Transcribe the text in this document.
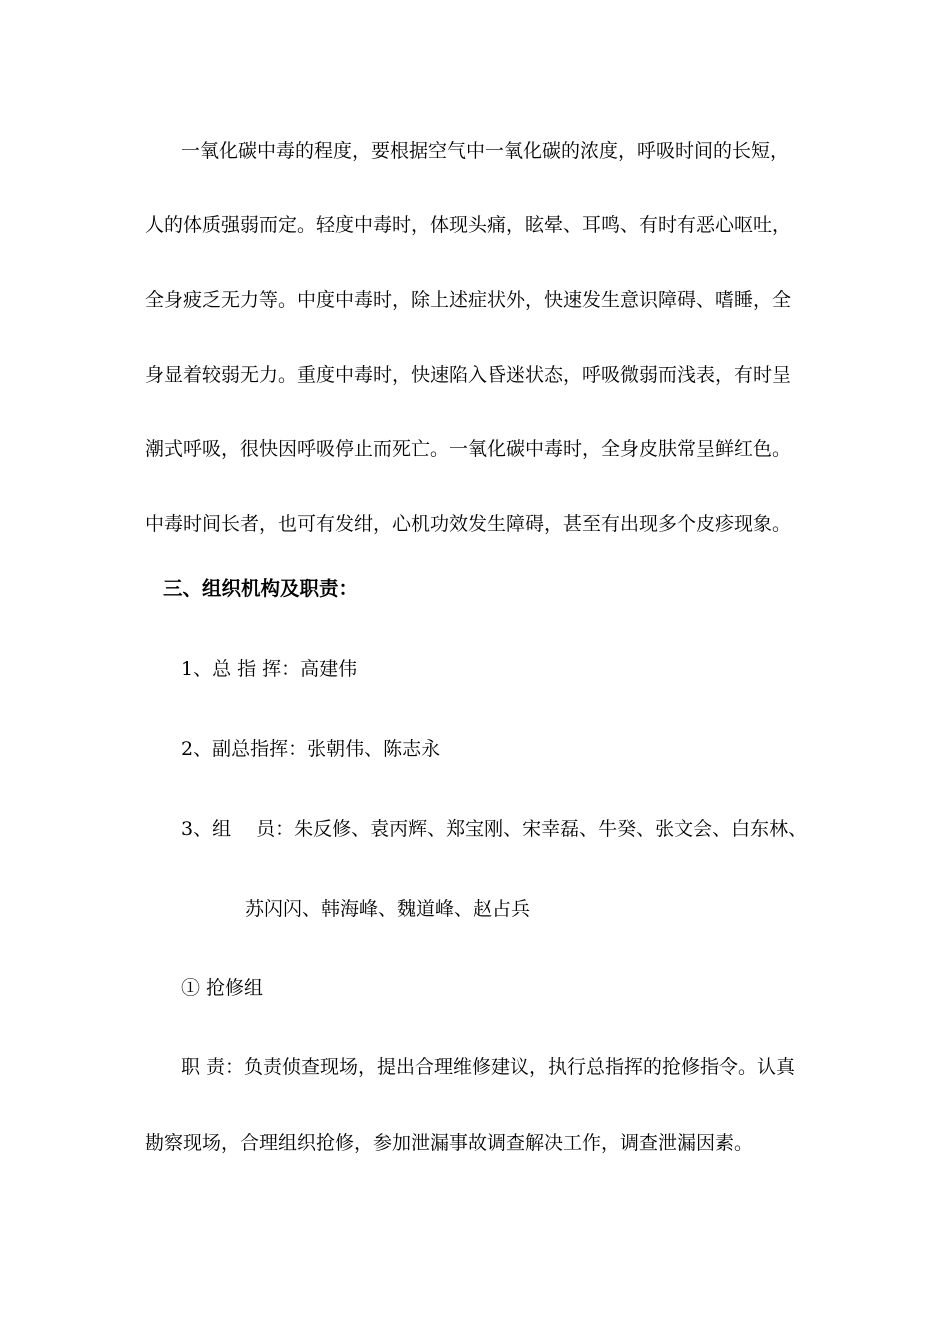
一氧化碳中毒的程度，要根据空气中一氧化碳的浓度，呼吸时间的长短，
人的体质强弱而定。轻度中毒时，体现头痛，眩晕、耳鸣、有时有恶心呕吐，
全身疲乏无力等。中度中毒时，除上述症状外，快速发生意识障碍、嗜睡，全
身显着较弱无力。重度中毒时，快速陷入昏迷状态，呼吸微弱而浅表，有时呈
潮式呼吸，很快因呼吸停止而死亡。一氧化碳中毒时，全身皮肤常呈鲜红色。
中毒时间长者，也可有发绀，心机功效发生障碍，甚至有出现多个皮疹现象。
三、组织机构及职责：
1、总 指 挥：高建伟
2、副总指挥：张朝伟、陈志永
3、组　 员：朱反修、袁丙辉、郑宝刚、宋幸磊、牛癸、张文会、白东林、
苏闪闪、韩海峰、魏道峰、赵占兵
① 抢修组
职 责：负责侦查现场，提出合理维修建议，执行总指挥的抢修指令。认真
勘察现场，合理组织抢修，参加泄漏事故调查解决工作，调查泄漏因素。
